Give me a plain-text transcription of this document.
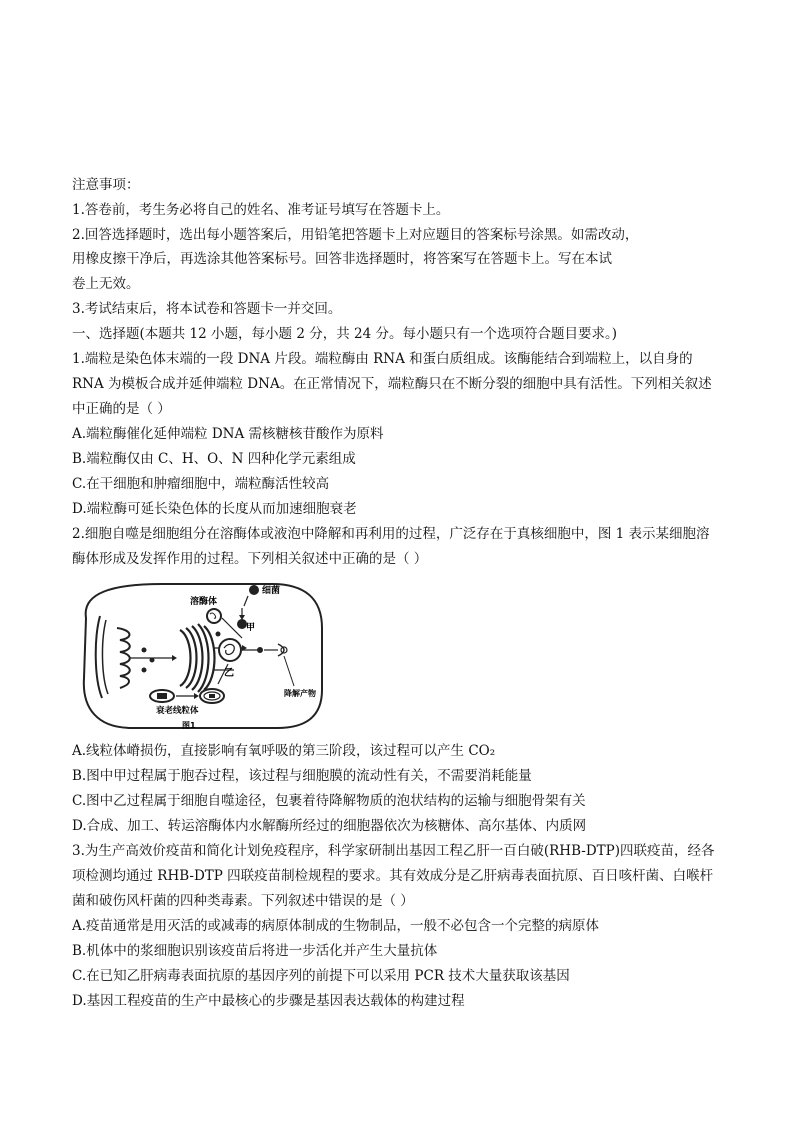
注意事项：
1.答卷前，考生务必将自己的姓名、准考证号填写在答题卡上。
2.回答选择题时，选出每小题答案后，用铅笔把答题卡上对应题目的答案标号涂黑。如需改动，
用橡皮擦干净后，再选涂其他答案标号。回答非选择题时，将答案写在答题卡上。写在本试
卷上无效。
3.考试结束后，将本试卷和答题卡一并交回。
一、选择题(本题共 12 小题，每小题 2 分，共 24 分。每小题只有一个选项符合题目要求。)
1.端粒是染色体末端的一段 DNA 片段。端粒酶由 RNA 和蛋白质组成。该酶能结合到端粒上，以自身的
RNA 为模板合成并延伸端粒 DNA。在正常情况下，端粒酶只在不断分裂的细胞中具有活性。下列相关叙述
中正确的是（ ）
A.端粒酶催化延伸端粒 DNA 需核糖核苷酸作为原料
B.端粒酶仅由 C、H、O、N 四种化学元素组成
C.在干细胞和肿瘤细胞中，端粒酶活性较高
D.端粒酶可延长染色体的长度从而加速细胞衰老
2.细胞自噬是细胞组分在溶酶体或液泡中降解和再利用的过程，广泛存在于真核细胞中，图 1 表示某细胞溶
酶体形成及发挥作用的过程。下列相关叙述中正确的是（ ）
溶酶体
细菌
甲
乙
降解产物
衰老线粒体
图1
A.线粒体嵴损伤，直接影响有氧呼吸的第三阶段，该过程可以产生 CO₂
B.图中甲过程属于胞吞过程，该过程与细胞膜的流动性有关，不需要消耗能量
C.图中乙过程属于细胞自噬途径，包裹着待降解物质的泡状结构的运输与细胞骨架有关
D.合成、加工、转运溶酶体内水解酶所经过的细胞器依次为核糖体、高尔基体、内质网
3.为生产高效价疫苗和简化计划免疫程序，科学家研制出基因工程乙肝一百白破(RHB-DTP)四联疫苗，经各
项检测均通过 RHB-DTP 四联疫苗制检规程的要求。其有效成分是乙肝病毒表面抗原、百日咳杆菌、白喉杆
菌和破伤风杆菌的四种类毒素。下列叙述中错误的是（ ）
A.疫苗通常是用灭活的或减毒的病原体制成的生物制品，一般不必包含一个完整的病原体
B.机体中的浆细胞识别该疫苗后将进一步活化并产生大量抗体
C.在已知乙肝病毒表面抗原的基因序列的前提下可以采用 PCR 技术大量获取该基因
D.基因工程疫苗的生产中最核心的步骤是基因表达载体的构建过程
